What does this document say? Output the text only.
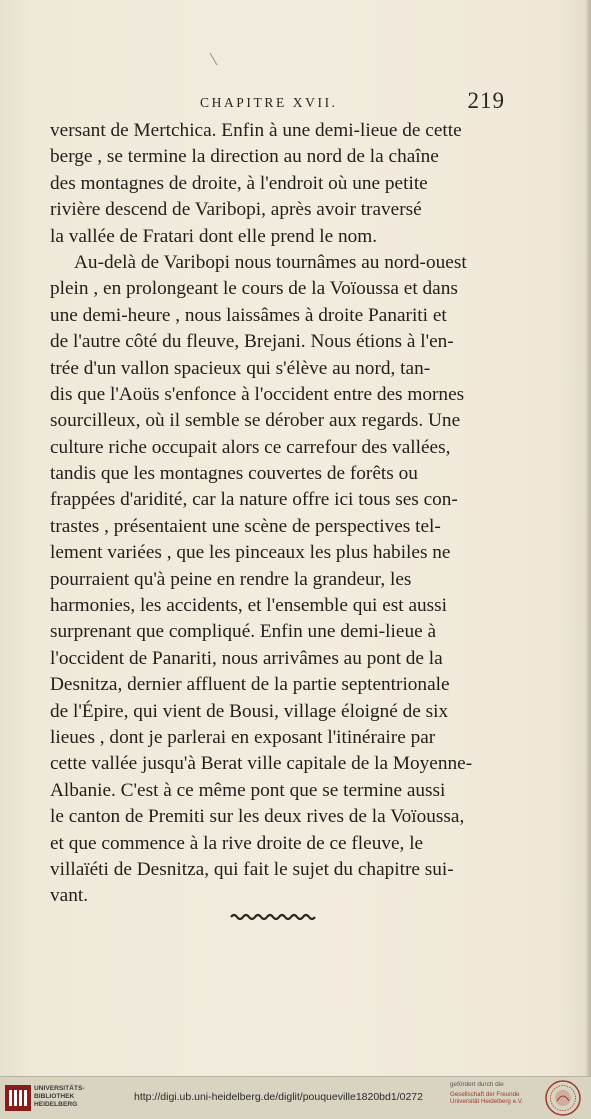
CHAPITRE XVII.	219
versant de Mertchica. Enfin à une demi-lieue de cette
berge , se termine la direction au nord de la chaîne
des montagnes de droite, à l'endroit où une petite
rivière descend de Varibopi, après avoir traversé
la vallée de Fratari dont elle prend le nom.
Au-delà de Varibopi nous tournâmes au nord-ouest
plein , en prolongeant le cours de la Voïoussa et dans
une demi-heure , nous laissâmes à droite Panariti et
de l'autre côté du fleuve, Brejani. Nous étions à l'en-
trée d'un vallon spacieux qui s'élève au nord, tan-
dis que l'Aoüs s'enfonce à l'occident entre des mornes
sourcilleux, où il semble se dérober aux regards. Une
culture riche occupait alors ce carrefour des vallées,
tandis que les montagnes couvertes de forêts ou
frappées d'aridité, car la nature offre ici tous ses con-
trastes , présentaient une scène de perspectives tel-
lement variées , que les pinceaux les plus habiles ne
pourraient qu'à peine en rendre la grandeur, les
harmonies, les accidents, et l'ensemble qui est aussi
surprenant que compliqué. Enfin une demi-lieue à
l'occident de Panariti, nous arrivâmes au pont de la
Desnitza, dernier affluent de la partie septentrionale
de l'Épire, qui vient de Bousi, village éloigné de six
lieues , dont je parlerai en exposant l'itinéraire par
cette vallée jusqu'à Berat ville capitale de la Moyenne-
Albanie. C'est à ce même pont que se termine aussi
le canton de Premiti sur les deux rives de la Voïoussa,
et que commence à la rive droite de ce fleuve, le
villaïéti de Desnitza, qui fait le sujet du chapitre sui-
vant.
UNIVERSITÄTS-
BIBLIOTHEK
HEIDELBERG
http://digi.ub.uni-heidelberg.de/diglit/pouqueville1820bd1/0272
gefördert durch die
Gesellschaft der Freunde
Universität Heidelberg e.V.
